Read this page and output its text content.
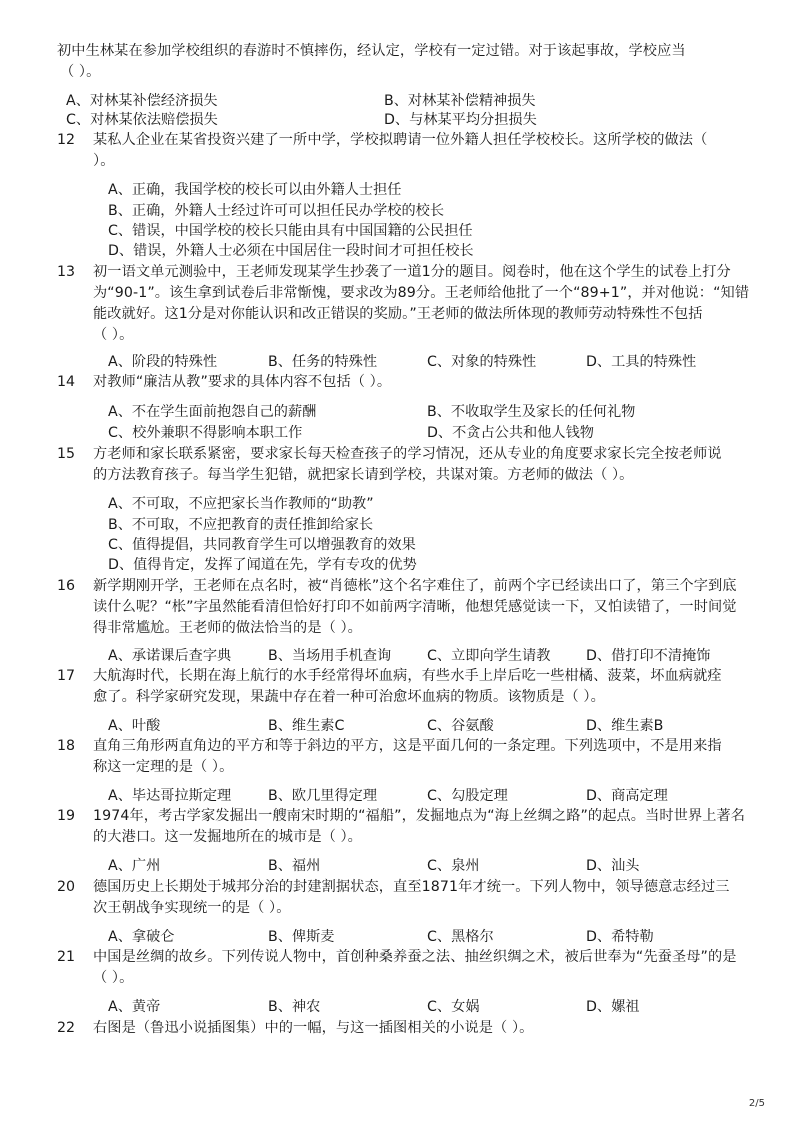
初中生林某在参加学校组织的春游时不慎摔伤，经认定，学校有一定过错。对于该起事故，学校应当
（ ）。
A、对林某补偿经济损失	B、对林某补偿精神损失
C、对林某依法赔偿损失	D、与林某平均分担损失
12 某私人企业在某省投资兴建了一所中学，学校拟聘请一位外籍人担任学校校长。这所学校的做法（
）。
A、正确，我国学校的校长可以由外籍人士担任
B、正确，外籍人士经过许可可以担任民办学校的校长
C、错误，中国学校的校长只能由具有中国国籍的公民担任
D、错误，外籍人士必须在中国居住一段时间才可担任校长
13 初一语文单元测验中，王老师发现某学生抄袭了一道1分的题目。阅卷时，他在这个学生的试卷上打分
为“90-1”。该生拿到试卷后非常惭愧，要求改为89分。王老师给他批了一个“89+1”，并对他说：“知错
能改就好。这1分是对你能认识和改正错误的奖励。”王老师的做法所体现的教师劳动特殊性不包括
（ ）。
A、阶段的特殊性	B、任务的特殊性	C、对象的特殊性	D、工具的特殊性
14 对教师“廉洁从教”要求的具体内容不包括（ ）。
A、不在学生面前抱怨自己的薪酬	B、不收取学生及家长的任何礼物
C、校外兼职不得影响本职工作	D、不贪占公共和他人钱物
15 方老师和家长联系紧密，要求家长每天检查孩子的学习情况，还从专业的角度要求家长完全按老师说
的方法教育孩子。每当学生犯错，就把家长请到学校，共谋对策。方老师的做法（ ）。
A、不可取，不应把家长当作教师的“助教”
B、不可取，不应把教育的责任推卸给家长
C、值得提倡，共同教育学生可以增强教育的效果
D、值得肯定，发挥了闻道在先，学有专攻的优势
16 新学期刚开学，王老师在点名时，被“肖德枨”这个名字难住了，前两个字已经读出口了，第三个字到底
读什么呢？“枨”字虽然能看清但恰好打印不如前两字清晰，他想凭感觉读一下，又怕读错了，一时间觉
得非常尴尬。王老师的做法恰当的是（ ）。
A、承诺课后查字典	B、当场用手机查询	C、立即向学生请教	D、借打印不清掩饰
17 大航海时代，长期在海上航行的水手经常得坏血病，有些水手上岸后吃一些柑橘、菠菜，坏血病就痊
愈了。科学家研究发现，果蔬中存在着一种可治愈坏血病的物质。该物质是（ ）。
A、叶酸	B、维生素C	C、谷氨酸	D、维生素B
18 直角三角形两直角边的平方和等于斜边的平方，这是平面几何的一条定理。下列选项中，不是用来指
称这一定理的是（ ）。
A、毕达哥拉斯定理	B、欧几里得定理	C、勾股定理	D、商高定理
19 1974年，考古学家发掘出一艘南宋时期的“福船”，发掘地点为“海上丝绸之路”的起点。当时世界上著名
的大港口。这一发掘地所在的城市是（ ）。
A、广州	B、福州	C、泉州	D、汕头
20 德国历史上长期处于城邦分治的封建割据状态，直至1871年才统一。下列人物中，领导德意志经过三
次王朝战争实现统一的是（ ）。
A、拿破仑	B、俾斯麦	C、黑格尔	D、希特勒
21 中国是丝绸的故乡。下列传说人物中，首创种桑养蚕之法、抽丝织绸之术，被后世奉为“先蚕圣母”的是
（ ）。
A、黄帝	B、神农	C、女娲	D、嫘祖
22 右图是（鲁迅小说插图集）中的一幅，与这一插图相关的小说是（ ）。
2/5
